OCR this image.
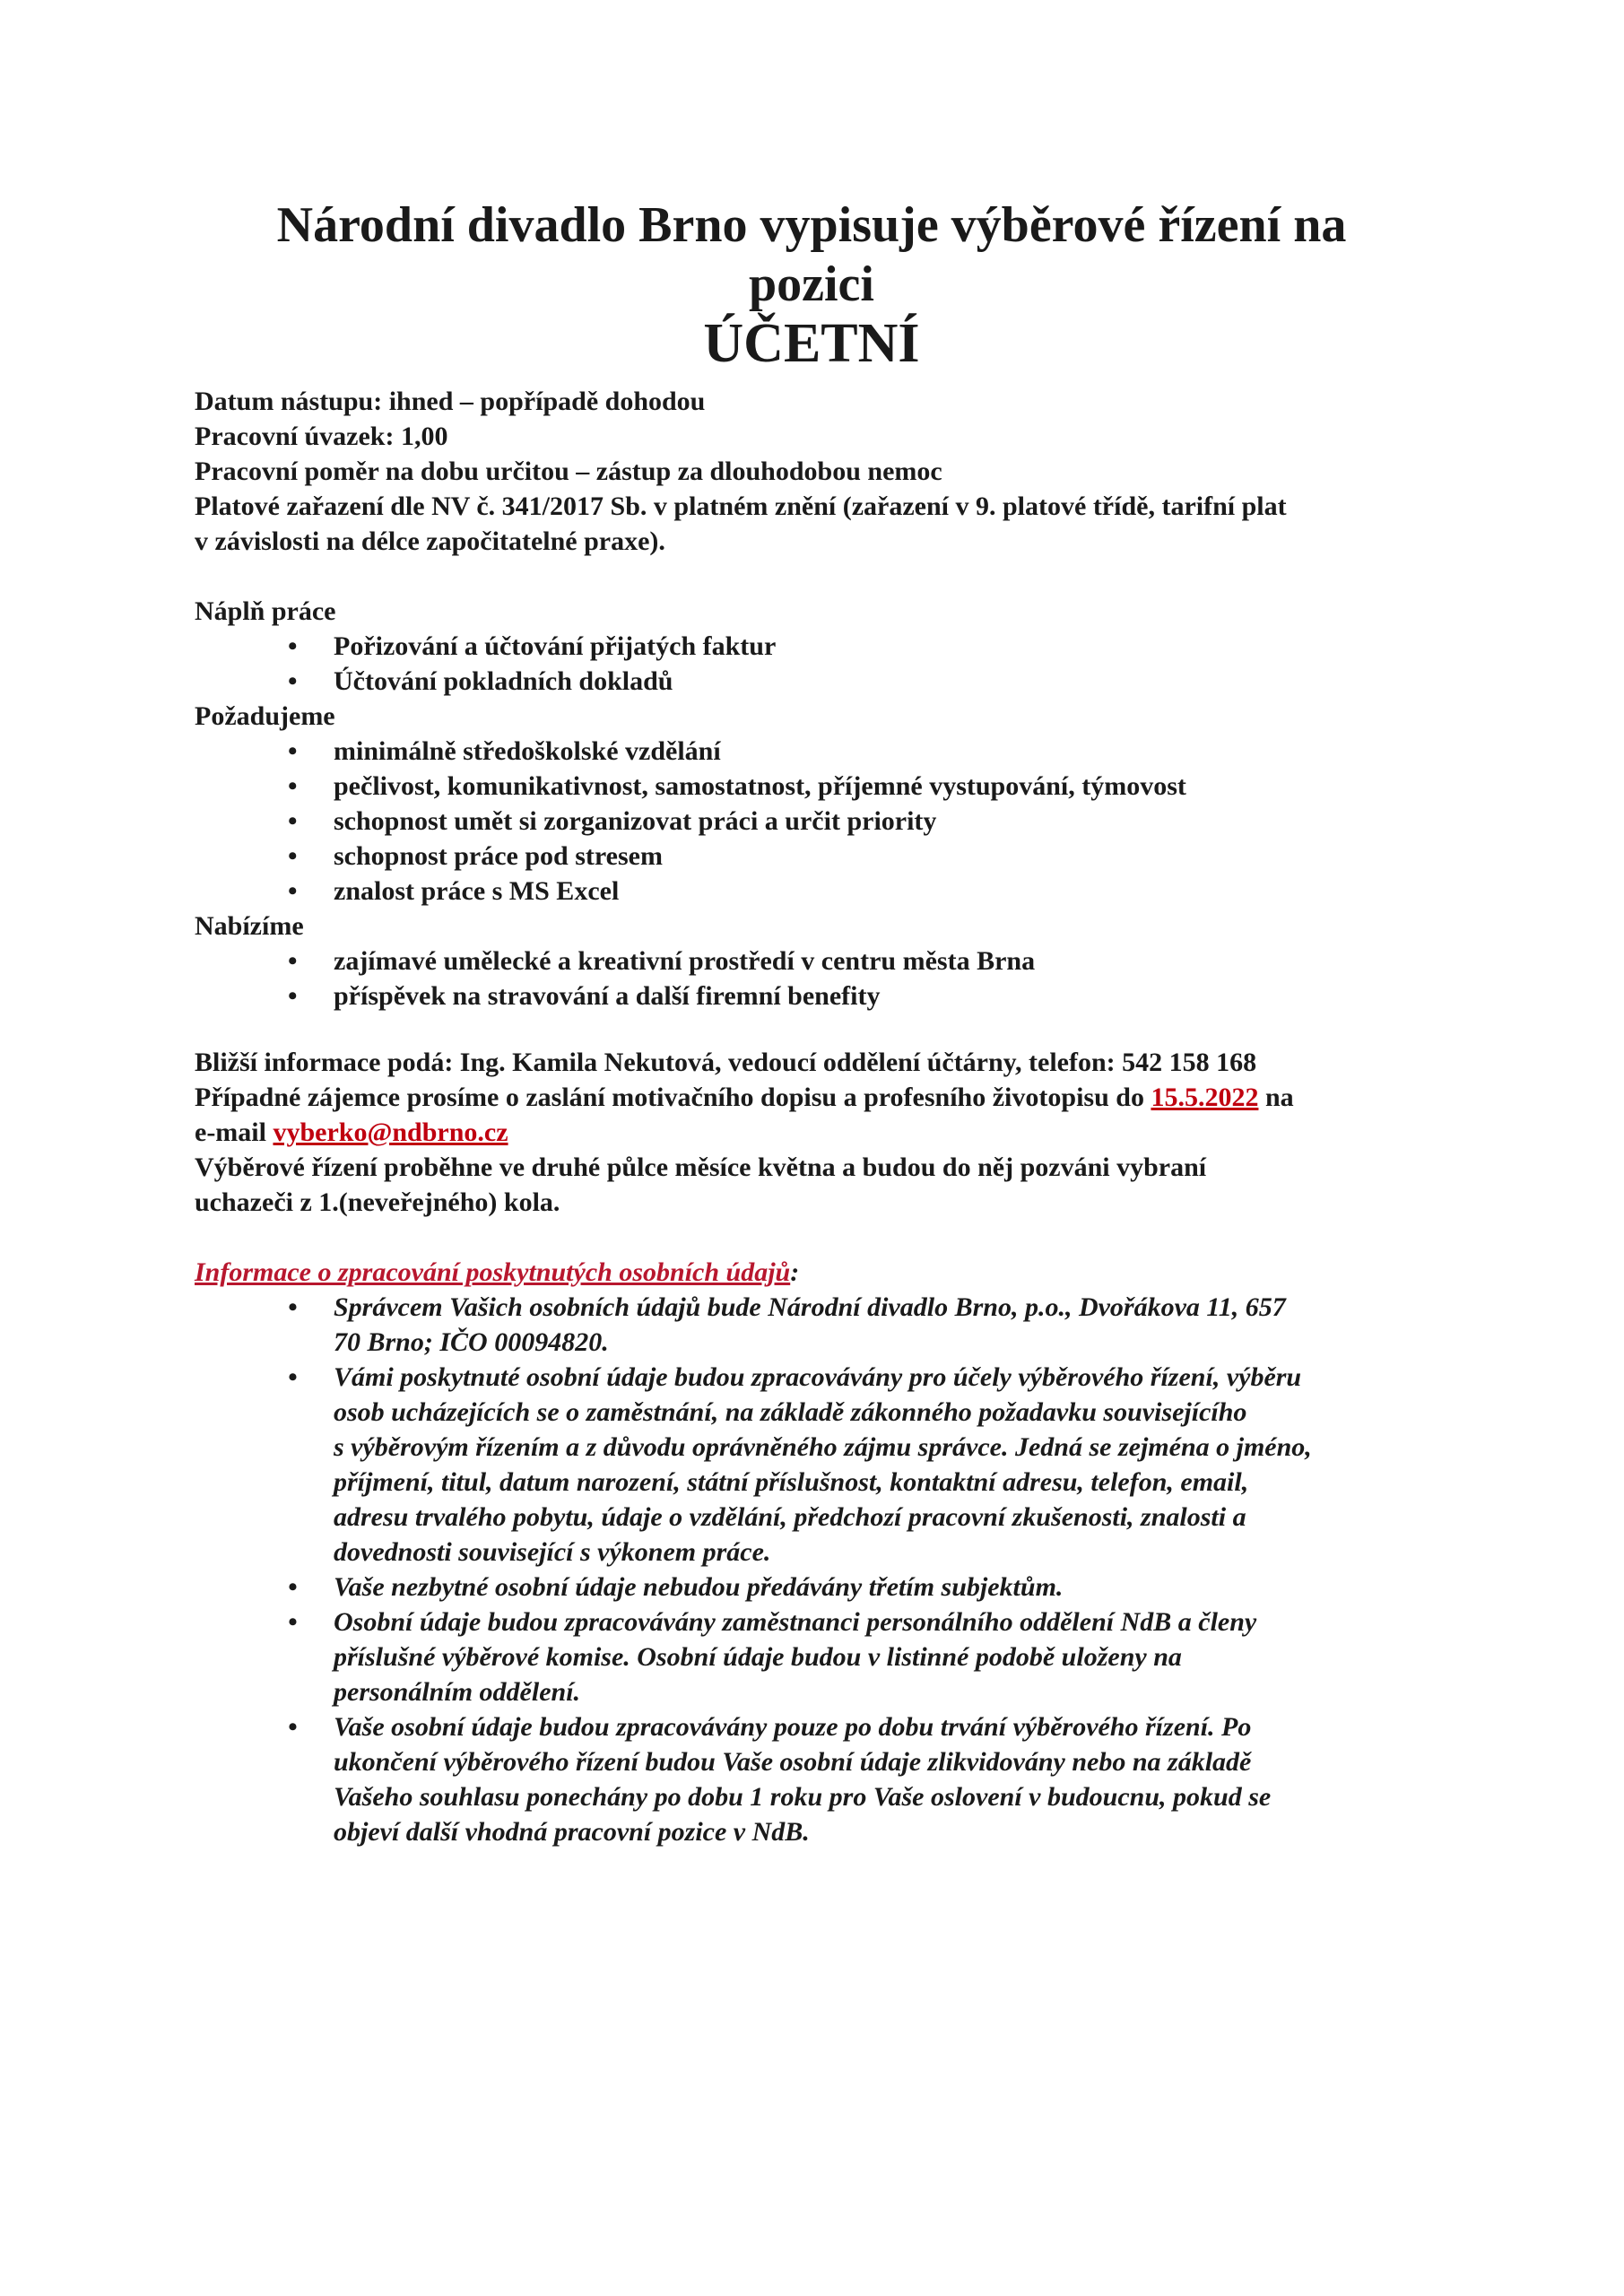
Národní divadlo Brno vypisuje výběrové řízení na
pozici
ÚČETNÍ

Datum nástupu: ihned – popřípadě dohodou

Pracovní úvazek: 1,00

Pracovní poměr na dobu určitou – zástup za dlouhodobou nemoc

Platové zařazení dle NV č. 341/2017 Sb. v platném znění (zařazení v 9. platové třídě, tarifní plat

v závislosti na délce započitatelné praxe).

Náplň práce

• Pořizování a účtování přijatých faktur
• Účtování pokladních dokladů

Požadujeme

• minimálně středoškolské vzdělání
• pečlivost, komunikativnost, samostatnost, příjemné vystupování, týmovost
• schopnost umět si zorganizovat práci a určit priority
• schopnost práce pod stresem
• znalost práce s MS Excel

Nabízíme

• zajímavé umělecké a kreativní prostředí v centru města Brna
• příspěvek na stravování a další firemní benefity

Bližší informace podá: Ing. Kamila Nekutová, vedoucí oddělení účtárny, telefon: 542 158 168

Případné zájemce prosíme o zaslání motivačního dopisu a profesního životopisu do 15.5.2022 na

e-mail vyberko@ndbrno.cz

Výběrové řízení proběhne ve druhé půlce měsíce května a budou do něj pozváni vybraní

uchazeči z 1.(neveřejného) kola.

Informace o zpracování poskytnutých osobních údajů:

• Správcem Vašich osobních údajů bude Národní divadlo Brno, p.o., Dvořákova 11, 657
70 Brno; IČO 00094820.
• Vámi poskytnuté osobní údaje budou zpracovávány pro účely výběrového řízení, výběru
osob ucházejících se o zaměstnání, na základě zákonného požadavku souvisejícího
s výběrovým řízením a z důvodu oprávněného zájmu správce. Jedná se zejména o jméno,
příjmení, titul, datum narození, státní příslušnost, kontaktní adresu, telefon, email,
adresu trvalého pobytu, údaje o vzdělání, předchozí pracovní zkušenosti, znalosti a
dovednosti související s výkonem práce.
• Vaše nezbytné osobní údaje nebudou předávány třetím subjektům.
• Osobní údaje budou zpracovávány zaměstnanci personálního oddělení NdB a členy
příslušné výběrové komise. Osobní údaje budou v listinné podobě uloženy na
personálním oddělení.
• Vaše osobní údaje budou zpracovávány pouze po dobu trvání výběrového řízení. Po
ukončení výběrového řízení budou Vaše osobní údaje zlikvidovány nebo na základě
Vašeho souhlasu ponechány po dobu 1 roku pro Vaše oslovení v budoucnu, pokud se
objeví další vhodná pracovní pozice v NdB.
